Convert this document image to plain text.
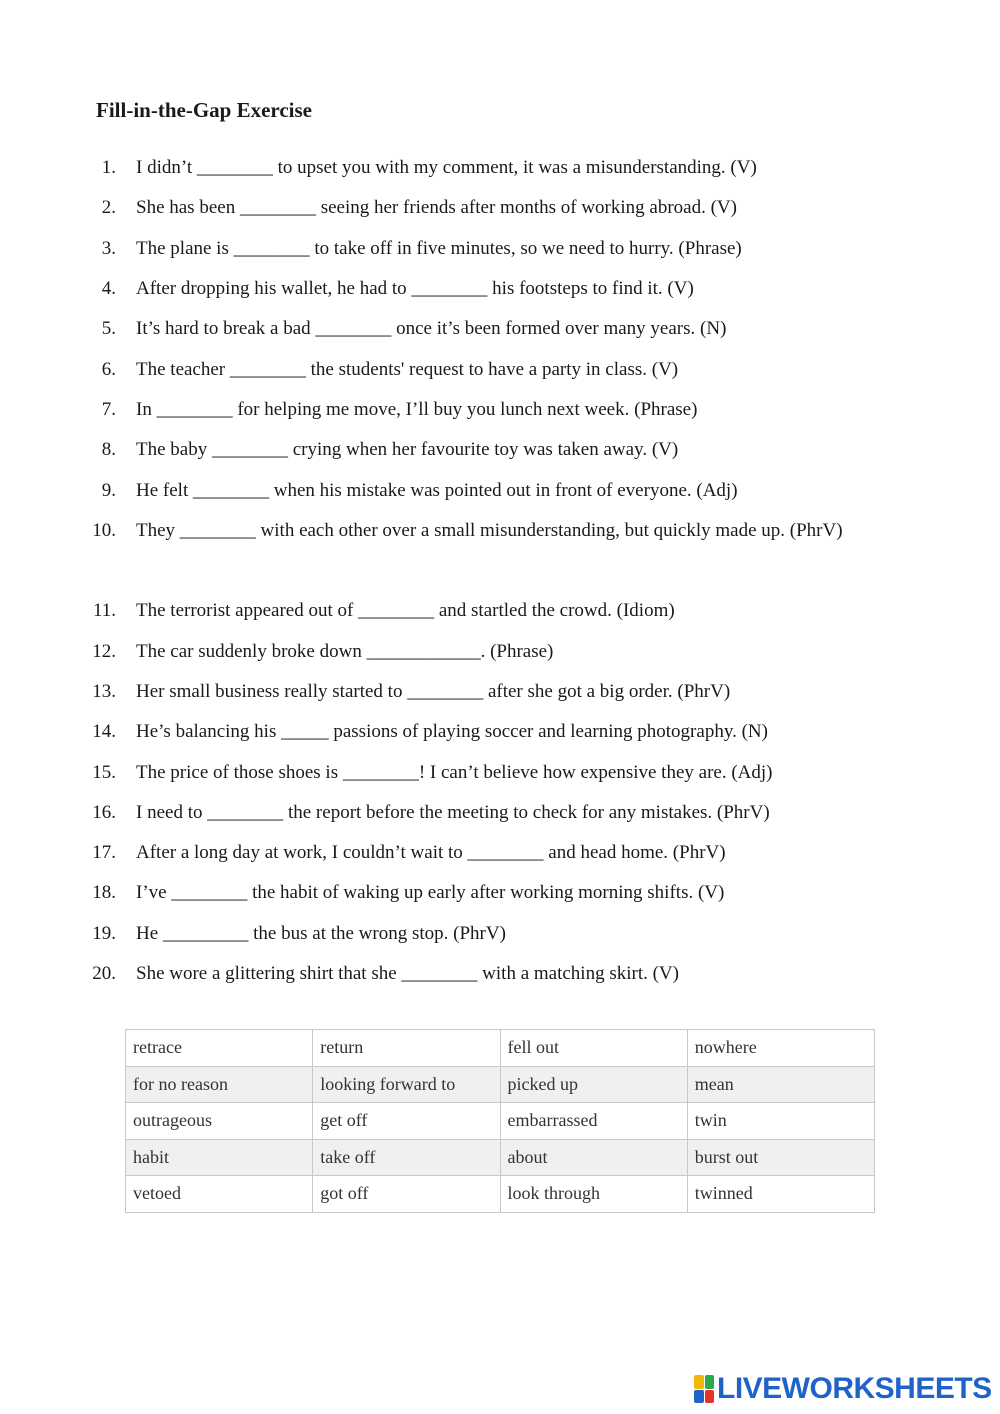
Fill-in-the-Gap Exercise
1.	I didn’t ________ to upset you with my comment, it was a misunderstanding. (V)
2.	She has been ________ seeing her friends after months of working abroad. (V)
3.	The plane is ________ to take off in five minutes, so we need to hurry. (Phrase)
4.	After dropping his wallet, he had to ________ his footsteps to find it. (V)
5.	It’s hard to break a bad ________ once it’s been formed over many years. (N)
6.	The teacher ________ the students' request to have a party in class. (V)
7.	In ________ for helping me move, I’ll buy you lunch next week. (Phrase)
8.	The baby ________ crying when her favourite toy was taken away. (V)
9.	He felt ________ when his mistake was pointed out in front of everyone. (Adj)
10.	They ________ with each other over a small misunderstanding, but quickly made up. (PhrV)
11.	The terrorist appeared out of ________ and startled the crowd. (Idiom)
12.	The car suddenly broke down ____________. (Phrase)
13.	Her small business really started to ________ after she got a big order. (PhrV)
14.	He’s balancing his _____ passions of playing soccer and learning photography. (N)
15.	The price of those shoes is ________! I can’t believe how expensive they are. (Adj)
16.	I need to ________ the report before the meeting to check for any mistakes. (PhrV)
17.	After a long day at work, I couldn’t wait to ________ and head home. (PhrV)
18.	I’ve ________ the habit of waking up early after working morning shifts. (V)
19.	He _________ the bus at the wrong stop. (PhrV)
20.	She wore a glittering shirt that she ________ with a matching skirt. (V)
retrace	return	fell out	nowhere
for no reason	looking forward to	picked up	mean
outrageous	get off	embarrassed	twin
habit	take off	about	burst out
vetoed	got off	look through	twinned
LIVEWORKSHEETS
